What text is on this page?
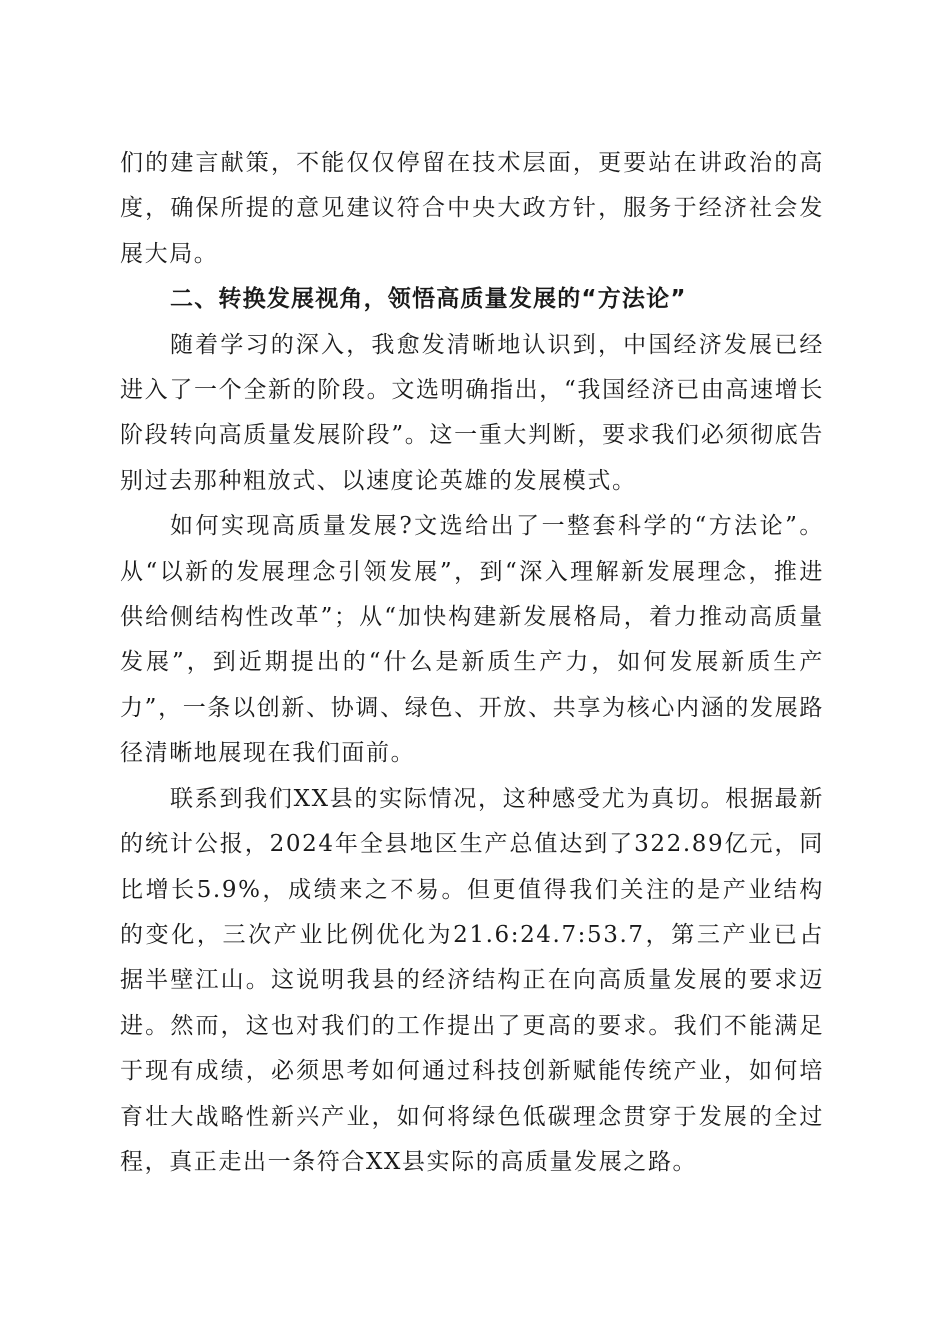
们的建言献策，不能仅仅停留在技术层面，更要站在讲政治的高度，确保所提的意见建议符合中央大政方针，服务于经济社会发展大局。

二、转换发展视角，领悟高质量发展的“方法论”

随着学习的深入，我愈发清晰地认识到，中国经济发展已经进入了一个全新的阶段。文选明确指出，“我国经济已由高速增长阶段转向高质量发展阶段”。这一重大判断，要求我们必须彻底告别过去那种粗放式、以速度论英雄的发展模式。

如何实现高质量发展?文选给出了一整套科学的“方法论”。从“以新的发展理念引领发展”，到“深入理解新发展理念，推进供给侧结构性改革”；从“加快构建新发展格局，着力推动高质量发展”，到近期提出的“什么是新质生产力，如何发展新质生产力”，一条以创新、协调、绿色、开放、共享为核心内涵的发展路径清晰地展现在我们面前。

联系到我们XX县的实际情况，这种感受尤为真切。根据最新的统计公报，2024年全县地区生产总值达到了322.89亿元，同比增长5.9%，成绩来之不易。但更值得我们关注的是产业结构的变化，三次产业比例优化为21.6:24.7:53.7，第三产业已占据半壁江山。这说明我县的经济结构正在向高质量发展的要求迈进。然而，这也对我们的工作提出了更高的要求。我们不能满足于现有成绩，必须思考如何通过科技创新赋能传统产业，如何培育壮大战略性新兴产业，如何将绿色低碳理念贯穿于发展的全过程，真正走出一条符合XX县实际的高质量发展之路。
